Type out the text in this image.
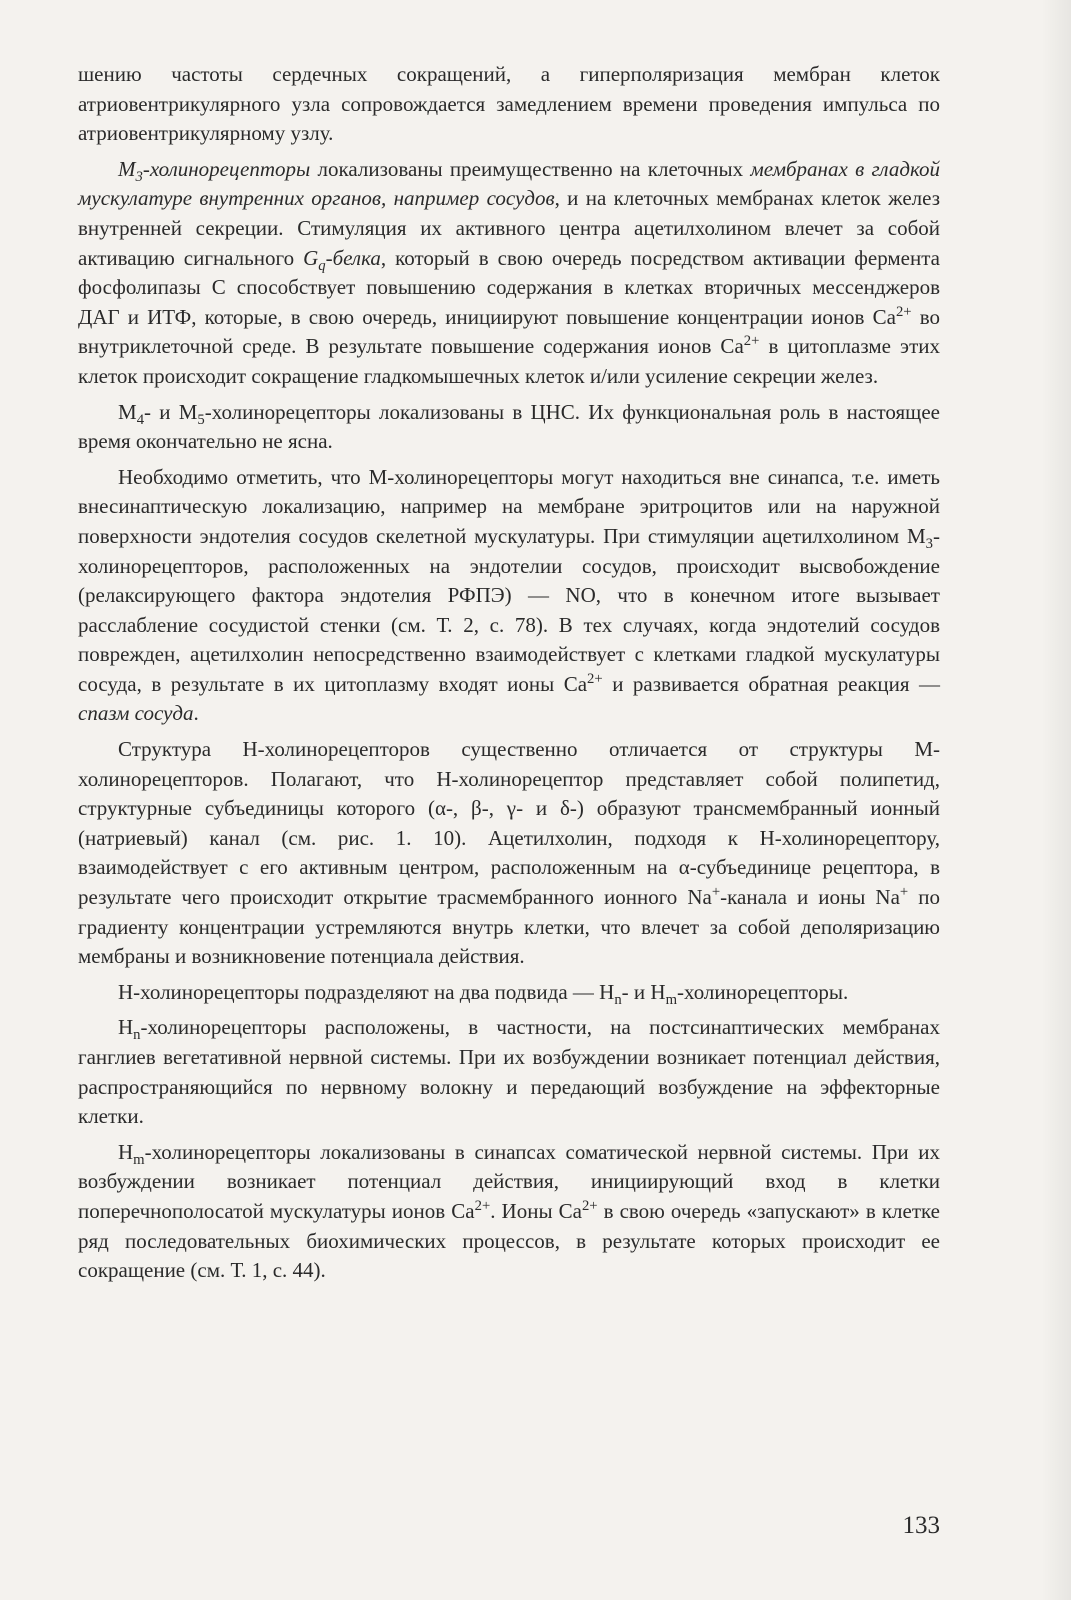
шению частоты сердечных сокращений, а гиперполяризация мембран клеток атриовентрикулярного узла сопровождается замедлением времени проведения импульса по атриовентрикулярному узлу.

$M_3$-холинорецепторы локализованы преимущественно на клеточных мембранах в гладкой мускулатуре внутренних органов, например сосудов, и на клеточных мембранах клеток желез внутренней секреции. Стимуляция их активного центра ацетилхолином влечет за собой активацию сигнального $G_q$-белка, который в свою очередь посредством активации фермента фосфолипазы С способствует повышению содержания в клетках вторичных мессенджеров ДАГ и ИТФ, которые, в свою очередь, инициируют повышение концентрации ионов $Са^{2+}$ во внутриклеточной среде. В результате повышение содержания ионов $Са^{2+}$ в цитоплазме этих клеток происходит сокращение гладкомышечных клеток и/или усиление секреции желез.

$М_4-$ и $М_5$-холинорецепторы локализованы в ЦНС. Их функциональная роль в настоящее время окончательно не ясна.

Необходимо отметить, что М-холинорецепторы могут находиться вне синапса, т.е. иметь внесинаптическую локализацию, например на мембране эритроцитов или на наружной поверхности эндотелия сосудов скелетной мускулатуры. При стимуляции ацетилхолином $М_3$-холинорецепторов, расположенных на эндотелии сосудов, происходит высвобождение (релаксирующего фактора эндотелия РФПЭ) — NO, что в конечном итоге вызывает расслабление сосудистой стенки (см. Т. 2, с. 78). В тех случаях, когда эндотелий сосудов поврежден, ацетилхолин непосредственно взаимодействует с клетками гладкой мускулатуры сосуда, в результате в их цитоплазму входят ионы $Са^{2+}$ и развивается обратная реакция — спазм сосуда.

Структура Н-холинорецепторов существенно отличается от структуры М-холинорецепторов. Полагают, что Н-холинорецептор представляет собой полипетид, структурные субъединицы которого (α-, β-, γ- и δ-) образуют трансмембранный ионный (натриевый) канал (см. рис. 1. 10). Ацетилхолин, подходя к Н-холинорецептору, взаимодействует с его активным центром, расположенным на α-субъединице рецептора, в результате чего происходит открытие трасмембранного ионного Na+-канала и ионы Na+ по градиенту концентрации устремляются внутрь клетки, что влечет за собой деполяризацию мембраны и возникновение потенциала действия.

Н-холинорецепторы подразделяют на два подвида — $Н_n-$ и $Н_m$-холинорецепторы.

$Н_n$-холинорецепторы расположены, в частности, на постсинаптических мембранах ганглиев вегетативной нервной системы. При их возбуждении возникает потенциал действия, распространяющийся по нервному волокну и передающий возбуждение на эффекторные клетки.

$Н_m$-холинорецепторы локализованы в синапсах соматической нервной системы. При их возбуждении возникает потенциал действия, инициирующий вход в клетки поперечнополосатой мускулатуры ионов $Са^{2+}$. Ионы $Са^{2+}$ в свою очередь «запускают» в клетке ряд последовательных биохимических процессов, в результате которых происходит ее сокращение (см. Т. 1, с. 44).

133
